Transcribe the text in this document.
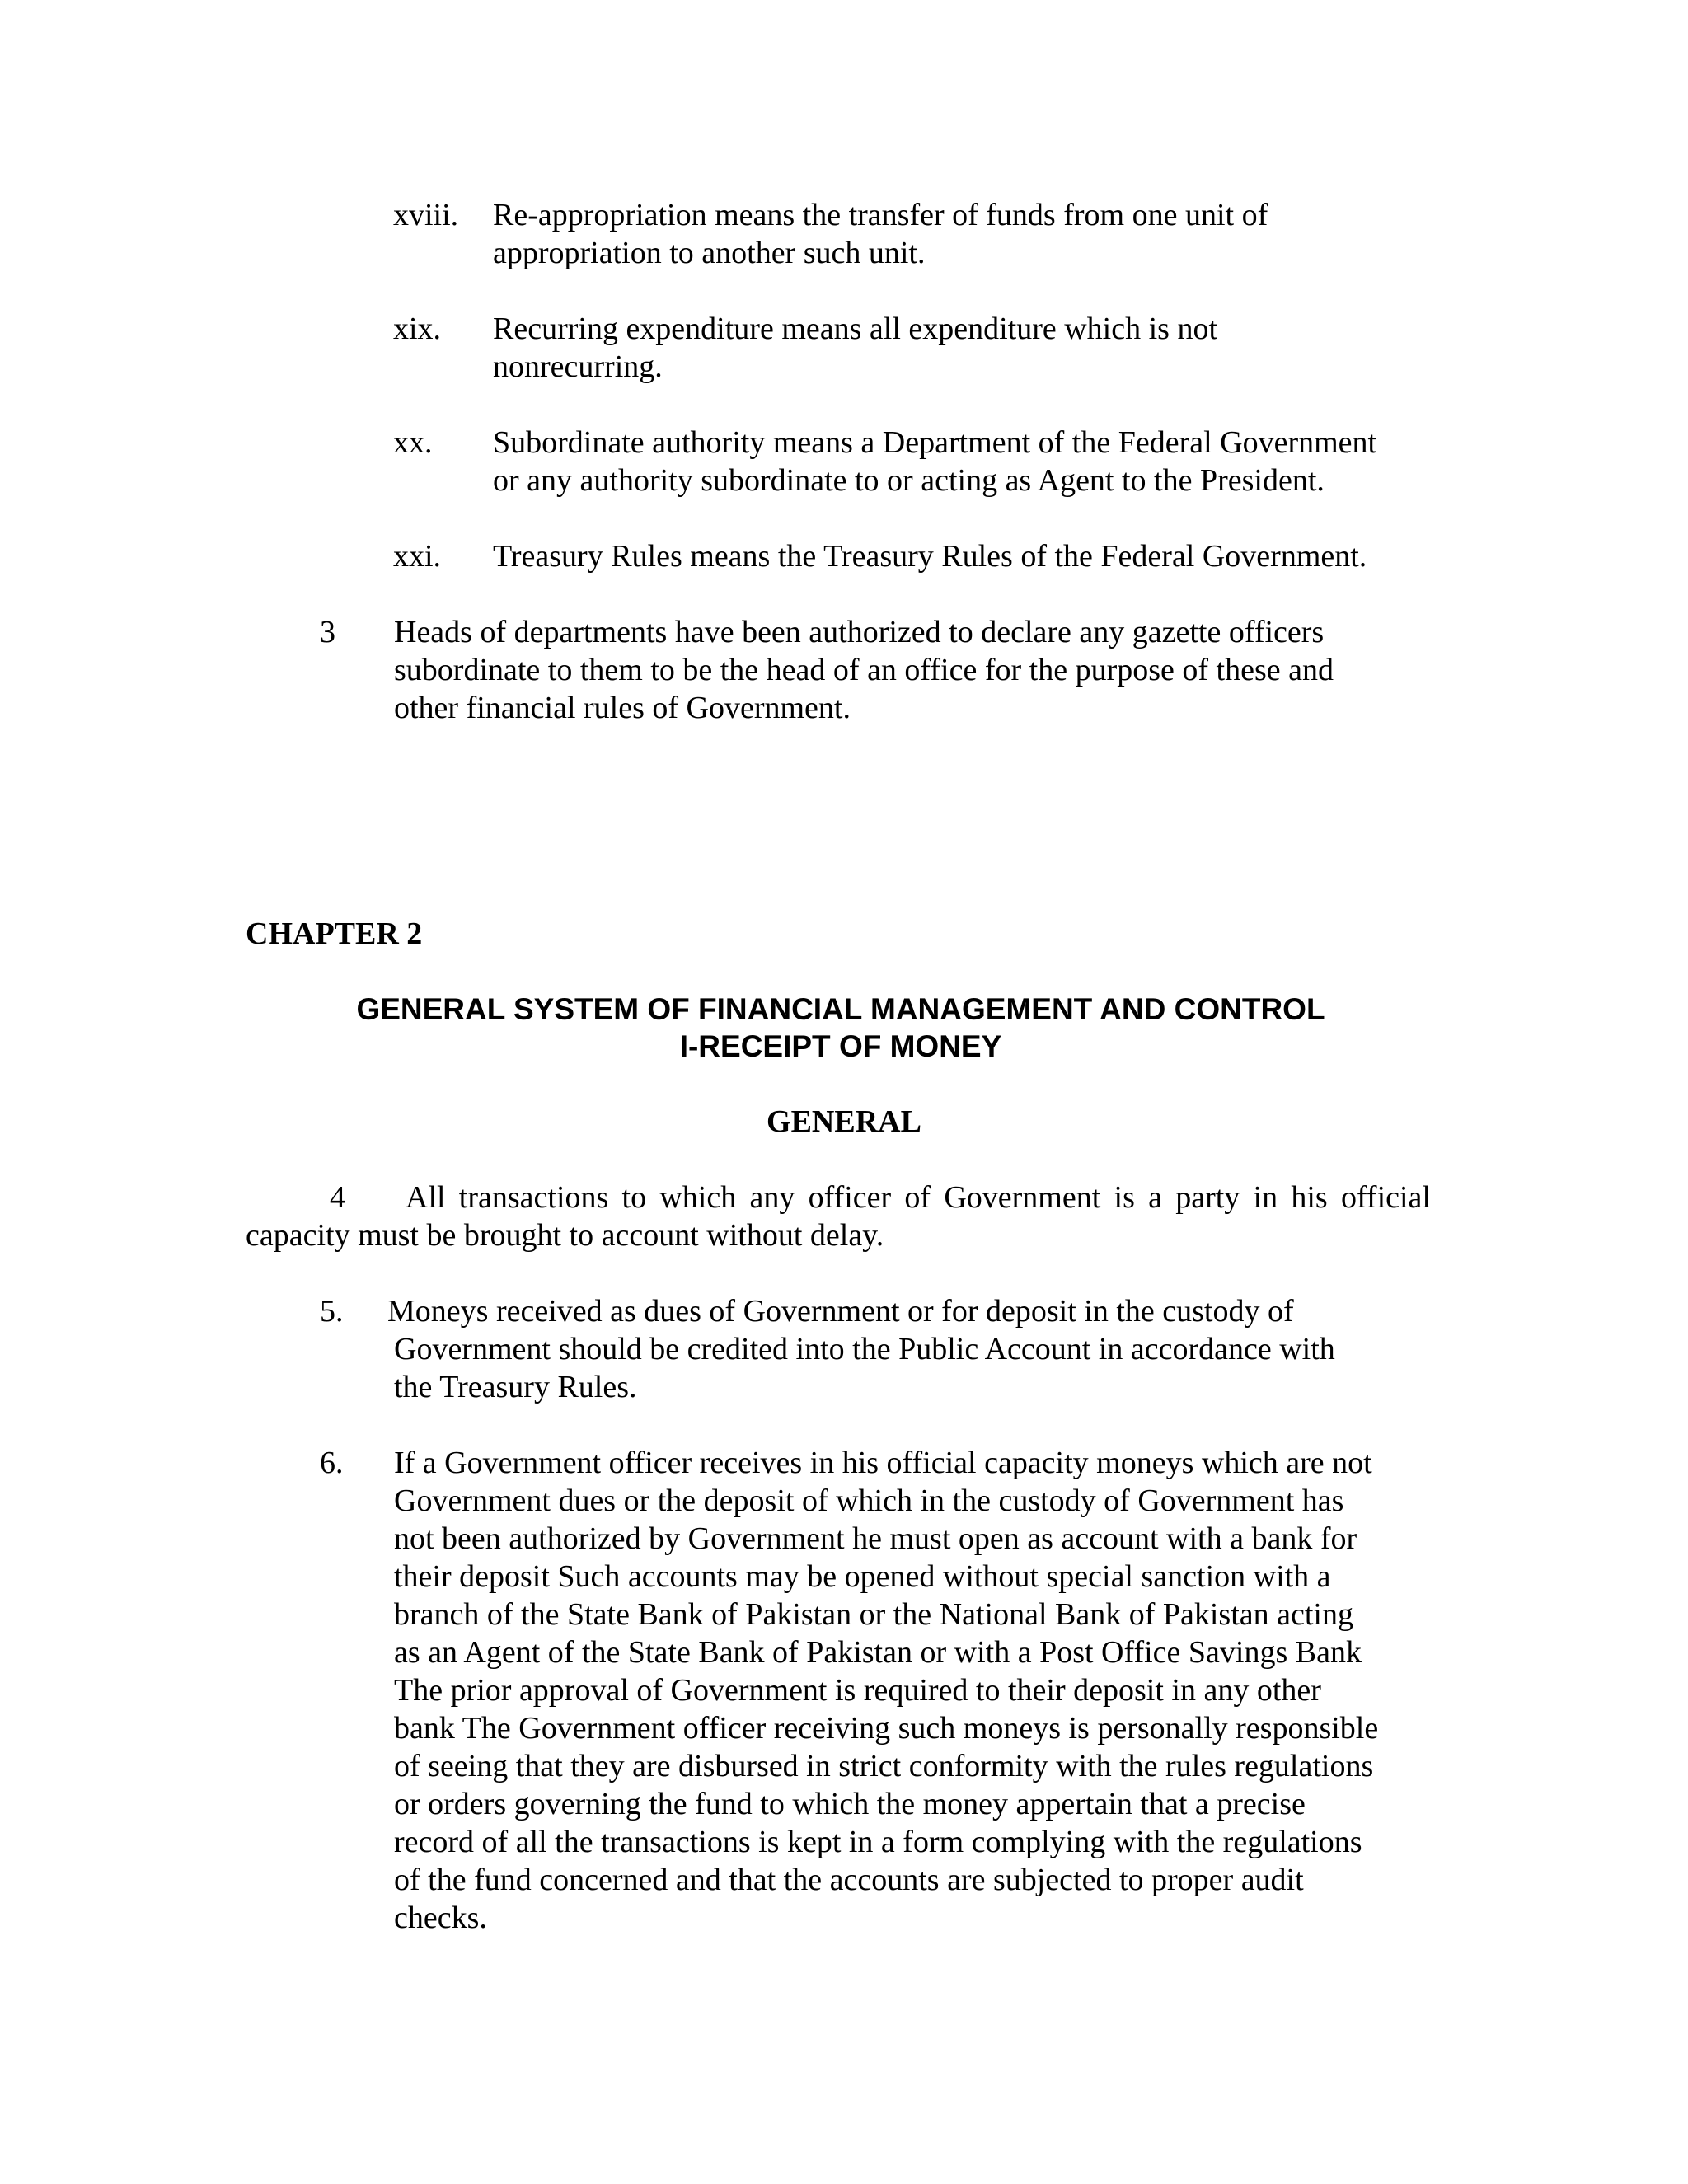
xviii. Re-appropriation means the transfer of funds from one unit of
appropriation to another such unit.
xix. Recurring expenditure means all expenditure which is not
nonrecurring.
xx. Subordinate authority means a Department of the Federal Government
or any authority subordinate to or acting as Agent to the President.
xxi. Treasury Rules means the Treasury Rules of the Federal Government.
3 Heads of departments have been authorized to declare any gazette officers
subordinate to them to be the head of an office for the purpose of these and
other financial rules of Government.
CHAPTER 2
GENERAL SYSTEM OF FINANCIAL MANAGEMENT AND CONTROL
I-RECEIPT OF MONEY
GENERAL
4 All transactions to which any officer of Government is a party in his official
capacity must be brought to account without delay.
5. Moneys received as dues of Government or for deposit in the custody of
Government should be credited into the Public Account in accordance with
the Treasury Rules.
6. If a Government officer receives in his official capacity moneys which are not
Government dues or the deposit of which in the custody of Government has
not been authorized by Government he must open as account with a bank for
their deposit Such accounts may be opened without special sanction with a
branch of the State Bank of Pakistan or the National Bank of Pakistan acting
as an Agent of the State Bank of Pakistan or with a Post Office Savings Bank
The prior approval of Government is required to their deposit in any other
bank The Government officer receiving such moneys is personally responsible
of seeing that they are disbursed in strict conformity with the rules regulations
or orders governing the fund to which the money appertain that a precise
record of all the transactions is kept in a form complying with the regulations
of the fund concerned and that the accounts are subjected to proper audit
checks.
